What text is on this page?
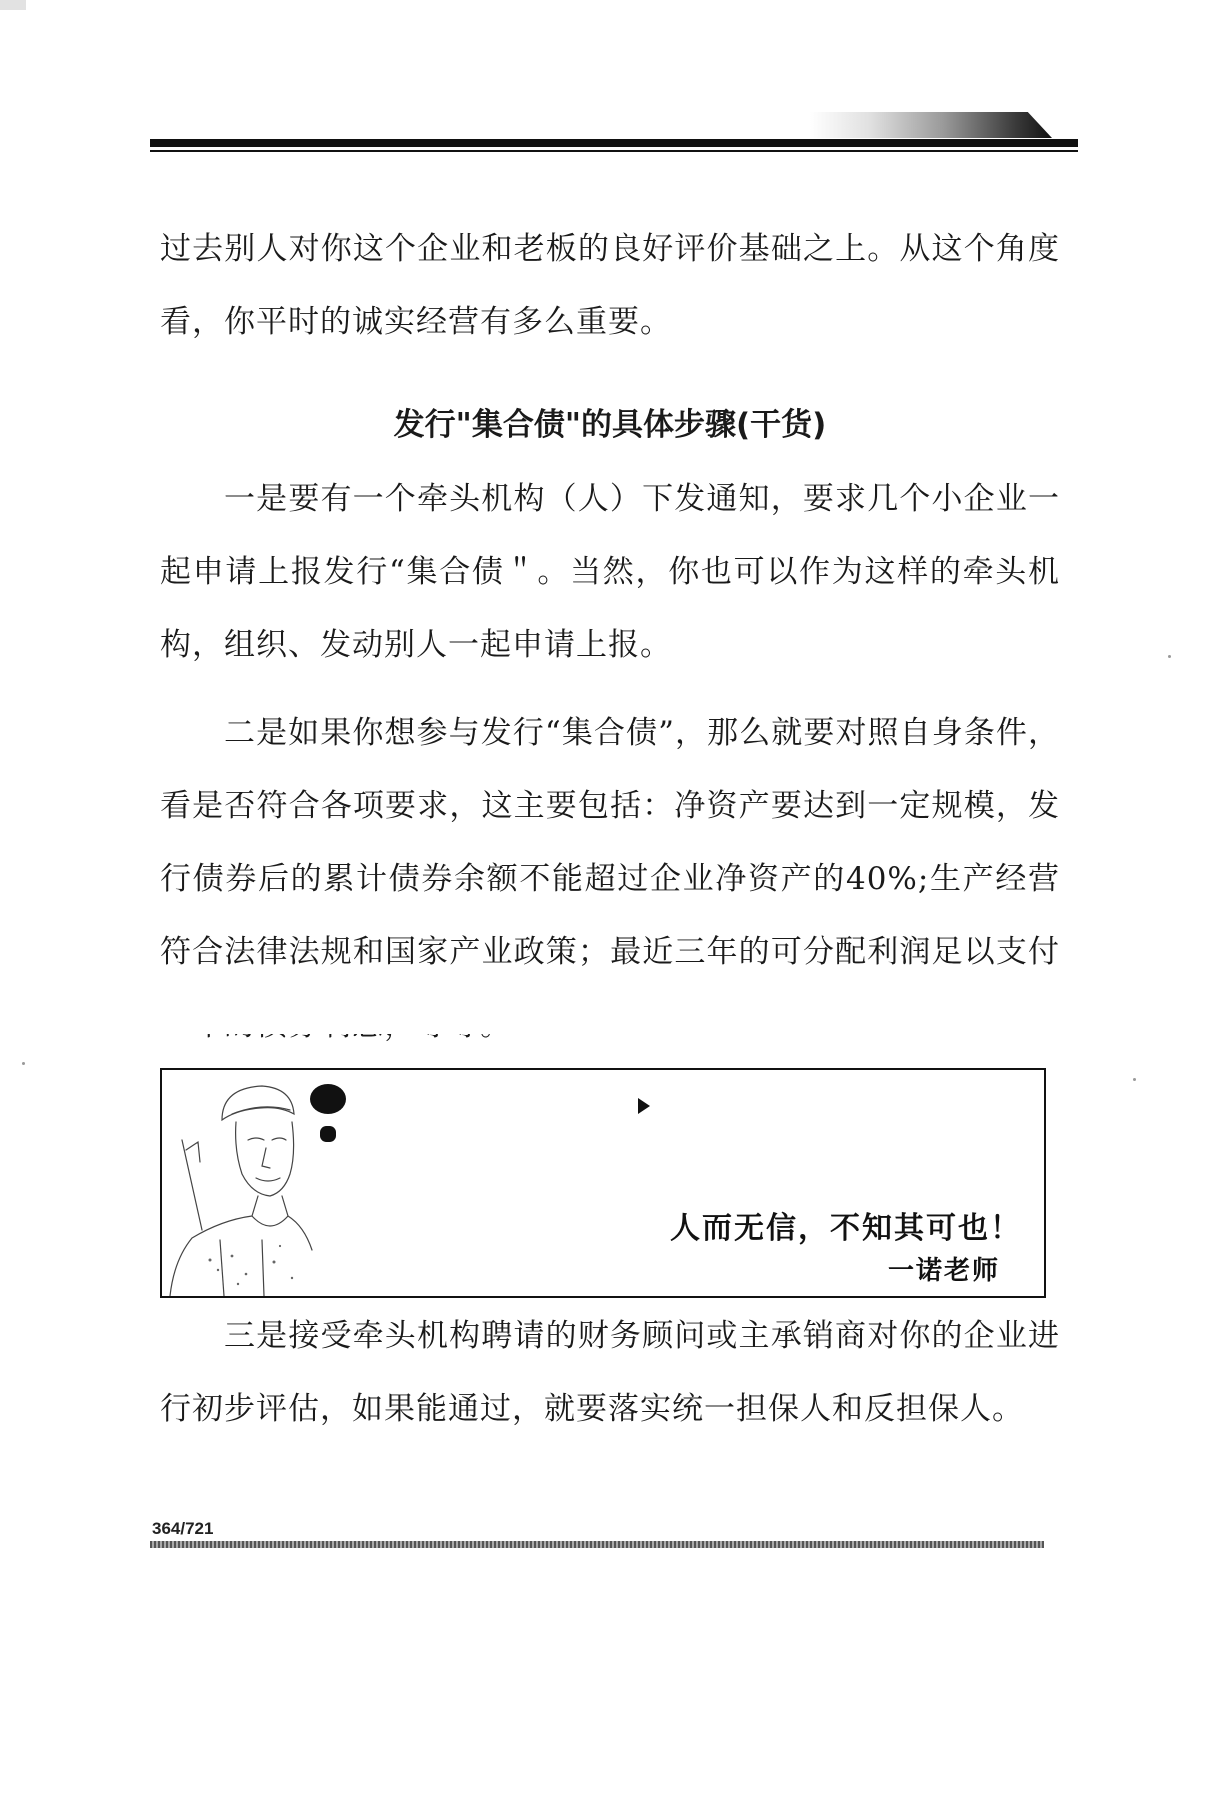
过去别人对你这个企业和老板的良好评价基础之上。从这个角度看，你平时的诚实经营有多么重要。

发行"集合债"的具体步骤(干货)

一是要有一个牵头机构（人）下发通知，要求几个小企业一起申请上报发行“集合债＂。当然，你也可以作为这样的牵头机构，组织、发动别人一起申请上报。

二是如果你想参与发行“集合债”，那么就要对照自身条件，看是否符合各项要求，这主要包括：净资产要达到一定规模，发行债券后的累计债券余额不能超过企业净资产的40%;生产经营符合法律法规和国家产业政策；最近三年的可分配利润足以支付

人而无信，不知其可也！

一诺老师

三是接受牵头机构聘请的财务顾问或主承销商对你的企业进行初步评估，如果能通过，就要落实统一担保人和反担保人。

364/721
